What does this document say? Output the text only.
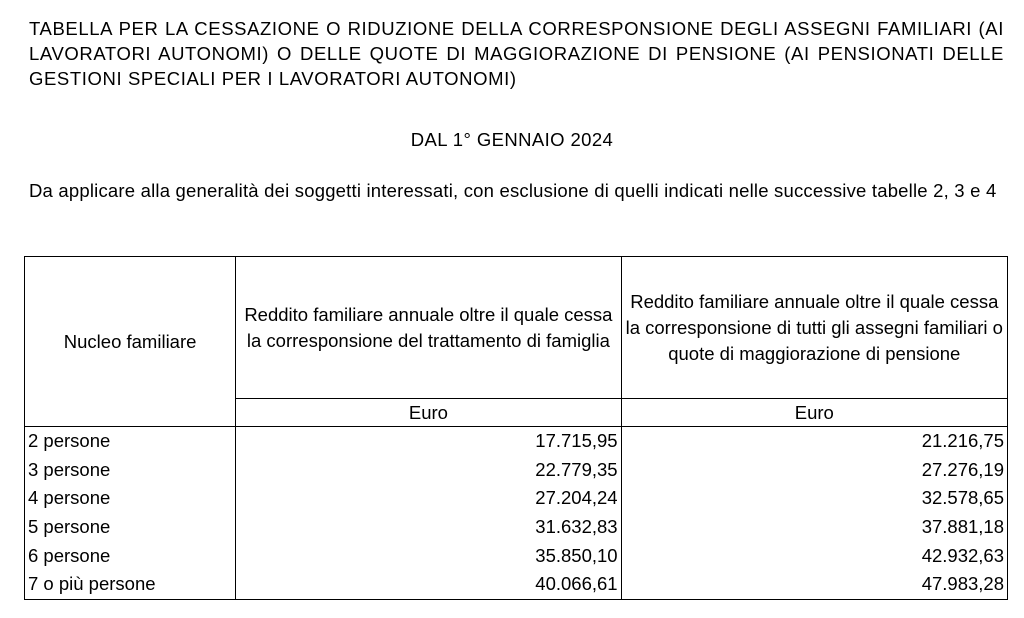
TABELLA PER LA CESSAZIONE O RIDUZIONE DELLA CORRESPONSIONE DEGLI ASSEGNI FAMILIARI (AI LAVORATORI AUTONOMI) O DELLE QUOTE DI MAGGIORAZIONE DI PENSIONE (AI PENSIONATI DELLE GESTIONI SPECIALI PER I LAVORATORI AUTONOMI)

DAL 1° GENNAIO 2024

Da applicare alla generalità dei soggetti interessati, con esclusione di quelli indicati nelle successive tabelle 2, 3 e 4

Nucleo familiare	Reddito familiare annuale oltre il quale cessa la corresponsione del trattamento di famiglia	Reddito familiare annuale oltre il quale cessa la corresponsione di tutti gli assegni familiari o quote di maggiorazione di pensione
	Euro	Euro
2 persone	17.715,95	21.216,75
3 persone	22.779,35	27.276,19
4 persone	27.204,24	32.578,65
5 persone	31.632,83	37.881,18
6 persone	35.850,10	42.932,63
7 o più persone	40.066,61	47.983,28
